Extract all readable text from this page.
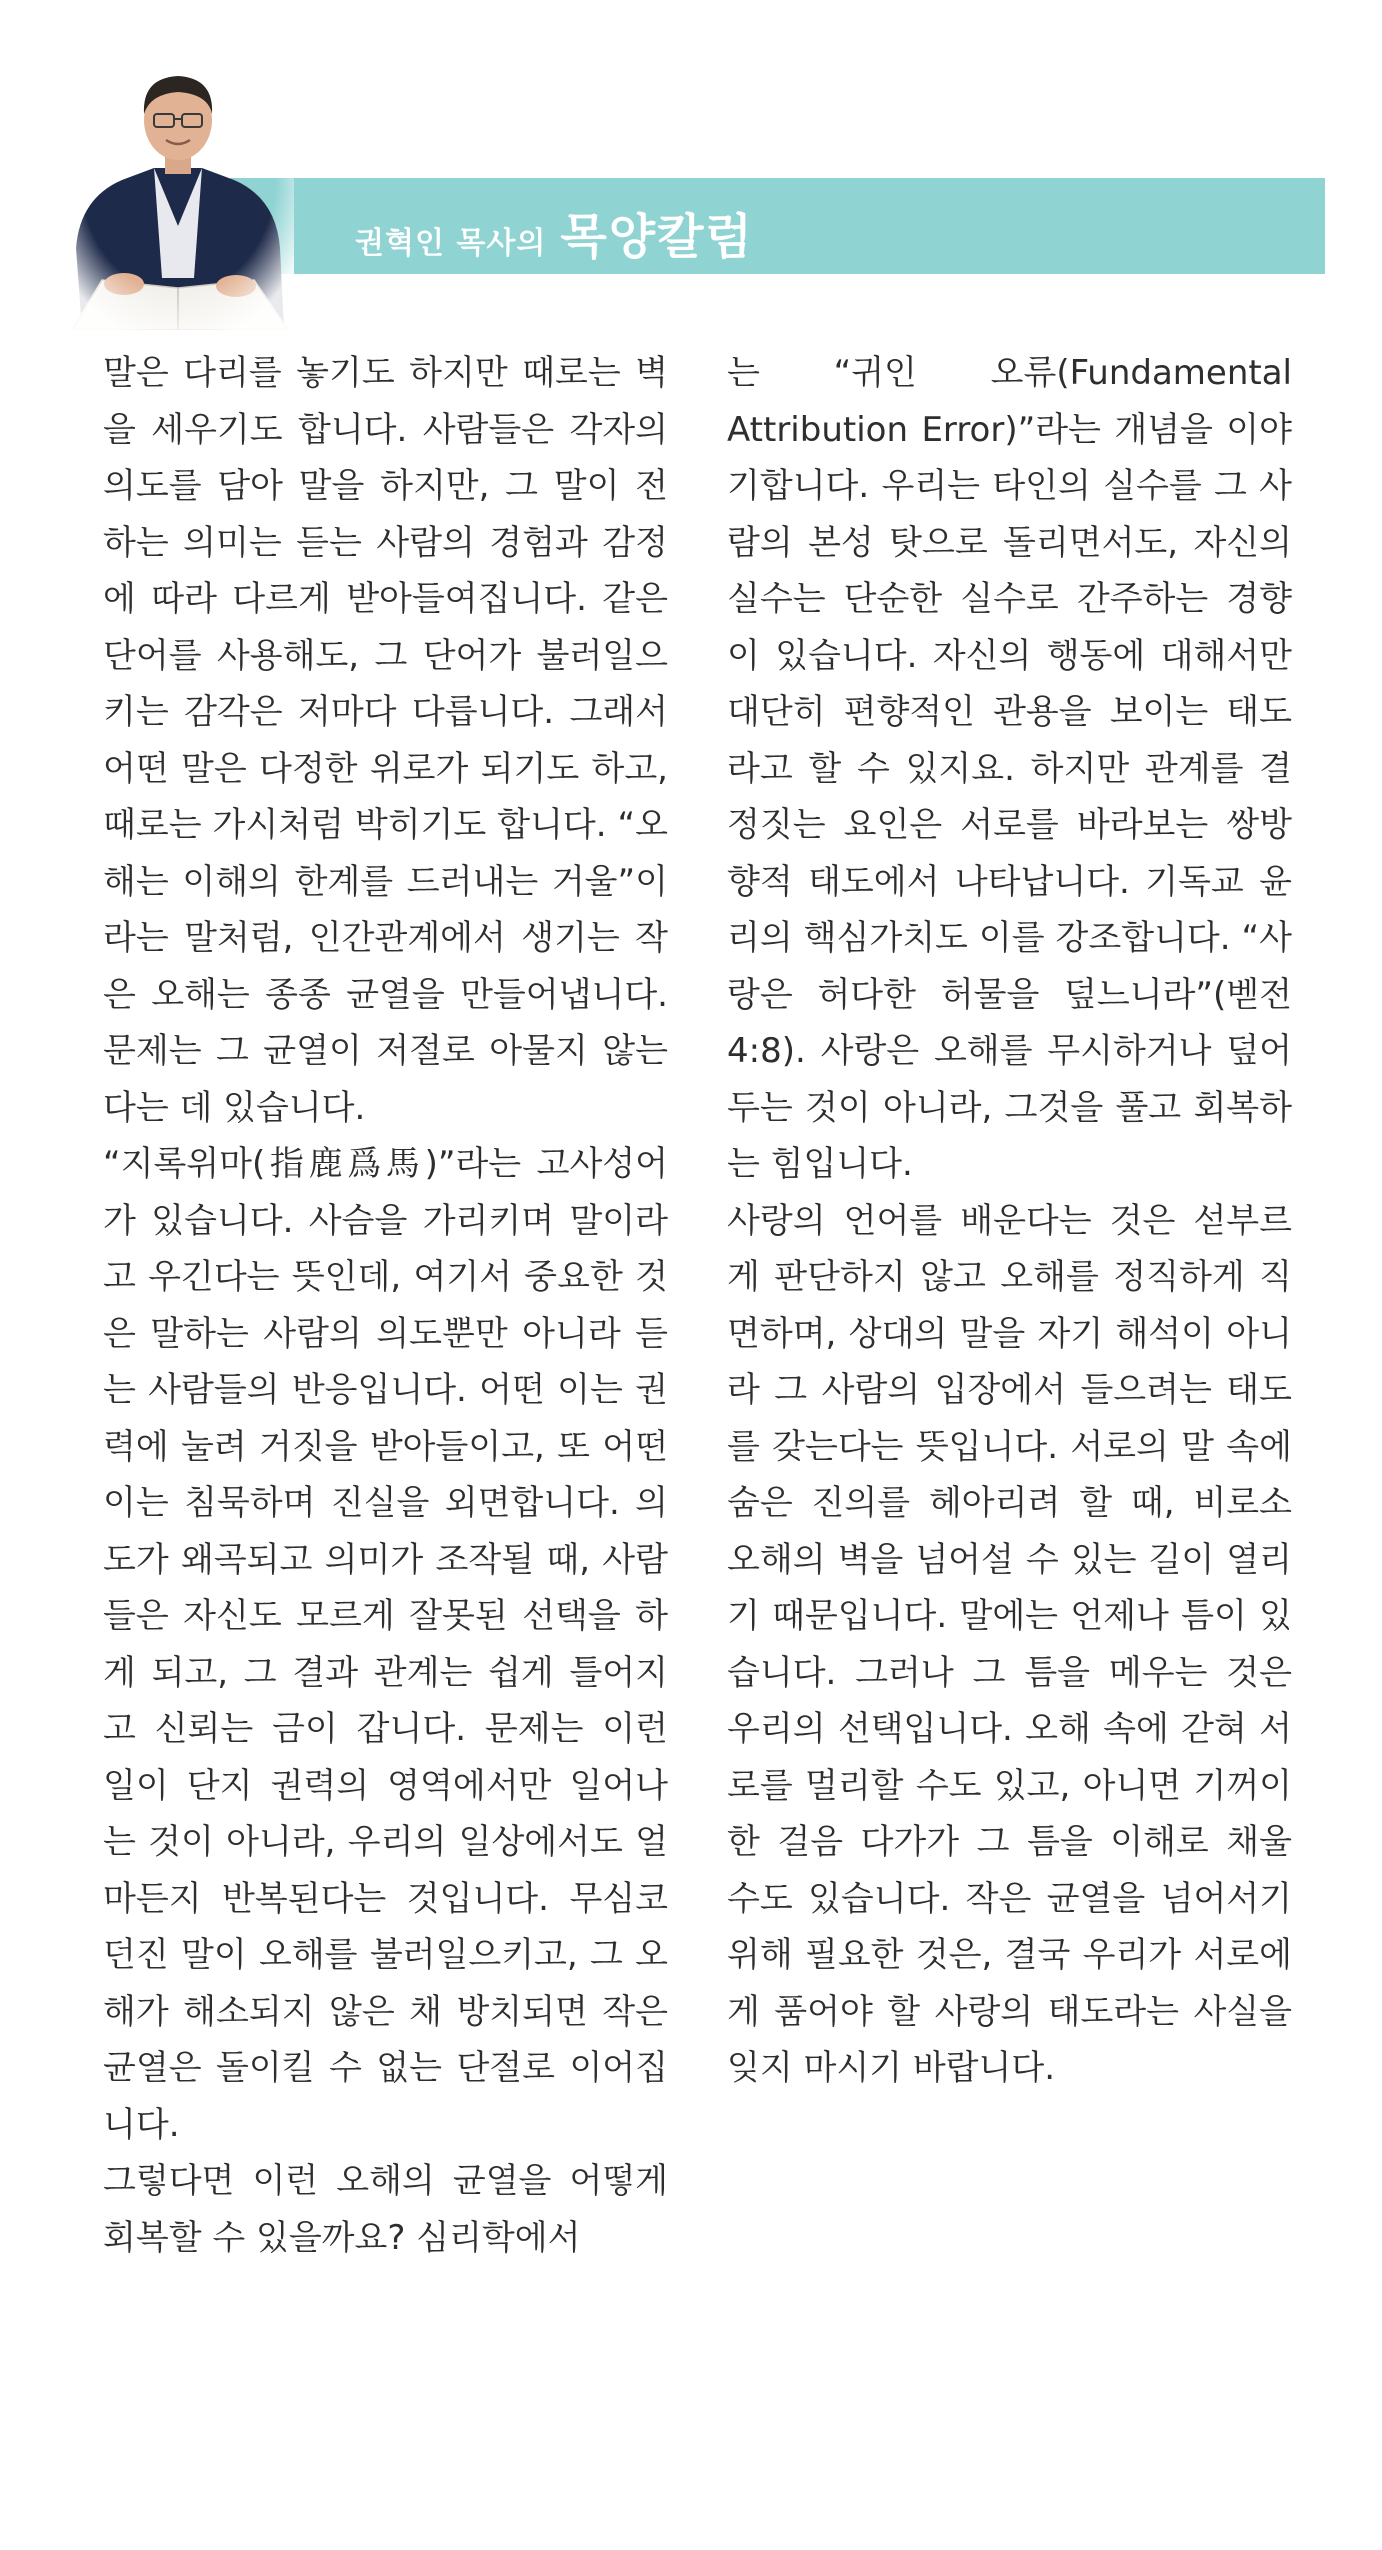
권혁인 목사의 목양칼럼

말은 다리를 놓기도 하지만 때로는 벽을 세우기도 합니다. 사람들은 각자의 의도를 담아 말을 하지만, 그 말이 전하는 의미는 듣는 사람의 경험과 감정에 따라 다르게 받아들여집니다. 같은 단어를 사용해도, 그 단어가 불러일으키는 감각은 저마다 다릅니다. 그래서 어떤 말은 다정한 위로가 되기도 하고, 때로는 가시처럼 박히기도 합니다. “오해는 이해의 한계를 드러내는 거울”이라는 말처럼, 인간관계에서 생기는 작은 오해는 종종 균열을 만들어냅니다. 문제는 그 균열이 저절로 아물지 않는다는 데 있습니다.

“지록위마(指鹿爲馬)”라는 고사성어가 있습니다. 사슴을 가리키며 말이라고 우긴다는 뜻인데, 여기서 중요한 것은 말하는 사람의 의도뿐만 아니라 듣는 사람들의 반응입니다. 어떤 이는 권력에 눌려 거짓을 받아들이고, 또 어떤 이는 침묵하며 진실을 외면합니다. 의도가 왜곡되고 의미가 조작될 때, 사람들은 자신도 모르게 잘못된 선택을 하게 되고, 그 결과 관계는 쉽게 틀어지고 신뢰는 금이 갑니다. 문제는 이런 일이 단지 권력의 영역에서만 일어나는 것이 아니라, 우리의 일상에서도 얼마든지 반복된다는 것입니다. 무심코 던진 말이 오해를 불러일으키고, 그 오해가 해소되지 않은 채 방치되면 작은 균열은 돌이킬 수 없는 단절로 이어집니다.

그렇다면 이런 오해의 균열을 어떻게 회복할 수 있을까요? 심리학에서

는 “귀인 오류(Fundamental Attribution Error)”라는 개념을 이야기합니다. 우리는 타인의 실수를 그 사람의 본성 탓으로 돌리면서도, 자신의 실수는 단순한 실수로 간주하는 경향이 있습니다. 자신의 행동에 대해서만 대단히 편향적인 관용을 보이는 태도라고 할 수 있지요. 하지만 관계를 결정짓는 요인은 서로를 바라보는 쌍방향적 태도에서 나타납니다. 기독교 윤리의 핵심가치도 이를 강조합니다. “사랑은 허다한 허물을 덮느니라”(벧전4:8). 사랑은 오해를 무시하거나 덮어두는 것이 아니라, 그것을 풀고 회복하는 힘입니다.

사랑의 언어를 배운다는 것은 섣부르게 판단하지 않고 오해를 정직하게 직면하며, 상대의 말을 자기 해석이 아니라 그 사람의 입장에서 들으려는 태도를 갖는다는 뜻입니다. 서로의 말 속에 숨은 진의를 헤아리려 할 때, 비로소 오해의 벽을 넘어설 수 있는 길이 열리기 때문입니다. 말에는 언제나 틈이 있습니다. 그러나 그 틈을 메우는 것은 우리의 선택입니다. 오해 속에 갇혀 서로를 멀리할 수도 있고, 아니면 기꺼이 한 걸음 다가가 그 틈을 이해로 채울 수도 있습니다. 작은 균열을 넘어서기 위해 필요한 것은, 결국 우리가 서로에게 품어야 할 사랑의 태도라는 사실을 잊지 마시기 바랍니다.
